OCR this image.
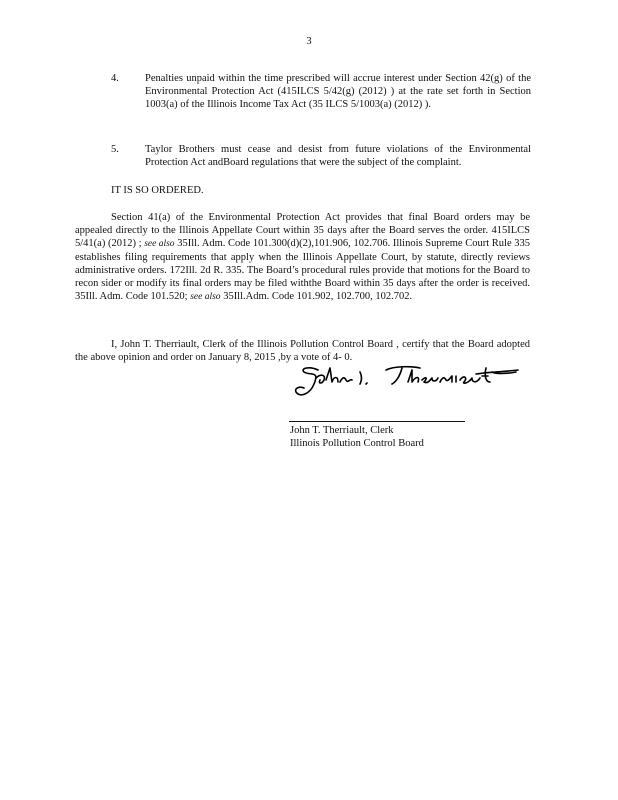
3
4. Penalties unpaid within the time prescribed will accrue interest under Section 42(g) of the Environmental Protection Act (415ILCS 5/42(g) (2012) ) at the rate set forth in Section 1003(a) of the Illinois Income Tax Act (35 ILCS 5/1003(a) (2012) ).
5. Taylor Brothers must cease and desist from future violations of the Environmental Protection Act andBoard regulations that were the subject of the complaint.
IT IS SO ORDERED.
Section 41(a) of the Environmental Protection Act provides that final Board orders may be appealed directly to the Illinois Appellate Court within 35 days after the Board serves the order. 415ILCS 5/41(a) (2012) ; see also 35Ill. Adm. Code 101.300(d)(2),101.906, 102.706. Illinois Supreme Court Rule 335 establishes filing requirements that apply when the Illinois Appellate Court, by statute, directly reviews administrative orders. 172Ill. 2d R. 335. The Board’s procedural rules provide that motions for the Board to recon sider or modify its final orders may be filed withthe Board within 35 days after the order is received. 35Ill. Adm. Code 101.520; see also 35Ill.Adm. Code 101.902, 102.700, 102.702.
I, John T. Therriault, Clerk of the Illinois Pollution Control Board , certify that the Board adopted the above opinion and order on January 8, 2015 ,by a vote of 4- 0.
John T. Therriault, Clerk
Illinois Pollution Control Board
